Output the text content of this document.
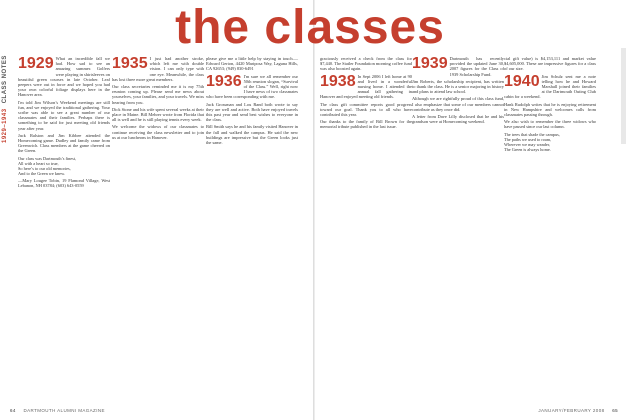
1929–1943 CLASS NOTES
the classes

1929 What an incredible fall we had. How sad to see an amazing summer. Golfers were playing in shirtsleeves on beautiful green courses in late October. Leaf peepers were out in force and we hoped you had your own colorful foliage displays here in the Hanover area.

I'm told Jim Wilson’s Weekend meetings are still fun, and we enjoyed the traditional gathering. Your scribe was able to see a great number of our classmates and their families. Perhaps there is something to be said for just meeting old friends year after year.

Jack Ralston and Jim Kibbee attended the Homecoming game. Dudley and family came from Greenwich. Class members at the game cheered on the Green.

Our class was Dartmouth’s finest,
All with a heart so true,
So here’s to our old memories,
And to the Green we knew.

—Mary Lougee Tobin, 19 Flamond Village, West Lebanon, NH 03784; (603) 643-0559

1935 I just had another stroke, which left me with double vision. I can only type with one eye. Meanwhile, the class has lost three more great members.

Our class secretaries reminded me it is my 75th reunion coming up. Please send me news about yourselves, your families, and your travels. We miss hearing from you.

Dick Stone and his wife spent several weeks at their place in Maine. Bill Mehrer wrote from Florida that all is well and he is still playing tennis every week.

We welcome the widows of our classmates to continue receiving the class newsletter and to join us at our luncheons in Hanover.

please give me a little help by staying in touch.—Edward Gerton, 4420 Mariposa Way, Laguna Hills, CA 92653; (949) 830-6491

1936 I'm sure we all remember our 50th reunion slogan, “Survival of the Class.” Well, right now I have news of two classmates who have been corresponding with me.

Jack Grossman and Lou Rand both wrote to say they are well and active. Both have enjoyed travels this past year and send best wishes to everyone in the class.

Bill Smith says he and his family visited Hanover in the fall and walked the campus. He said the new buildings are impressive but the Green looks just the same.

graciously received a check from the class for $7,440. The Statler Foundation morning coffee fund was also boosted again.

1938 In Sept 2006 I left home at 90 and lived in a wonderful nursing home. I attended the annual fall gathering in Hanover and enjoyed meeting old friends.

The class gift committee reports good progress toward our goal. Thank you to all who have contributed this year.

Our thanks to the family of Bill Brown for the memorial tribute published in the last issue.

1939 Dartmouth has recently provided the updated June 30, 2007 figures for the Class of 1939 Scholarship Fund.

Jim Roberts, the scholarship recipient, has written to thank the class. He is a senior majoring in history and plans to attend law school.

Although we are rightfully proud of this class fund, I also emphasize that some of our members cannot contribute as they once did.

A letter from Dave Lilly disclosed that he and his grandson were at Homecoming weekend.

cial gift value) is $4,153,111 and market value $4,605,000. These are impressive figures for a class of our size.

1940 Jim Schulz sent me a note telling how he and Howard Marshall joined their families at the Dartmouth Outing Club cabin for a weekend.

Hank Rudolph writes that he is enjoying retirement in New Hampshire and welcomes calls from classmates passing through.

We also wish to remember the three widows who have passed since our last column.

The trees that shade the campus,
The paths we used to roam,
Wherever we may wander,
The Green is always home.

64 DARTMOUTH ALUMNI MAGAZINE	JANUARY/FEBRUARY 2008 65
